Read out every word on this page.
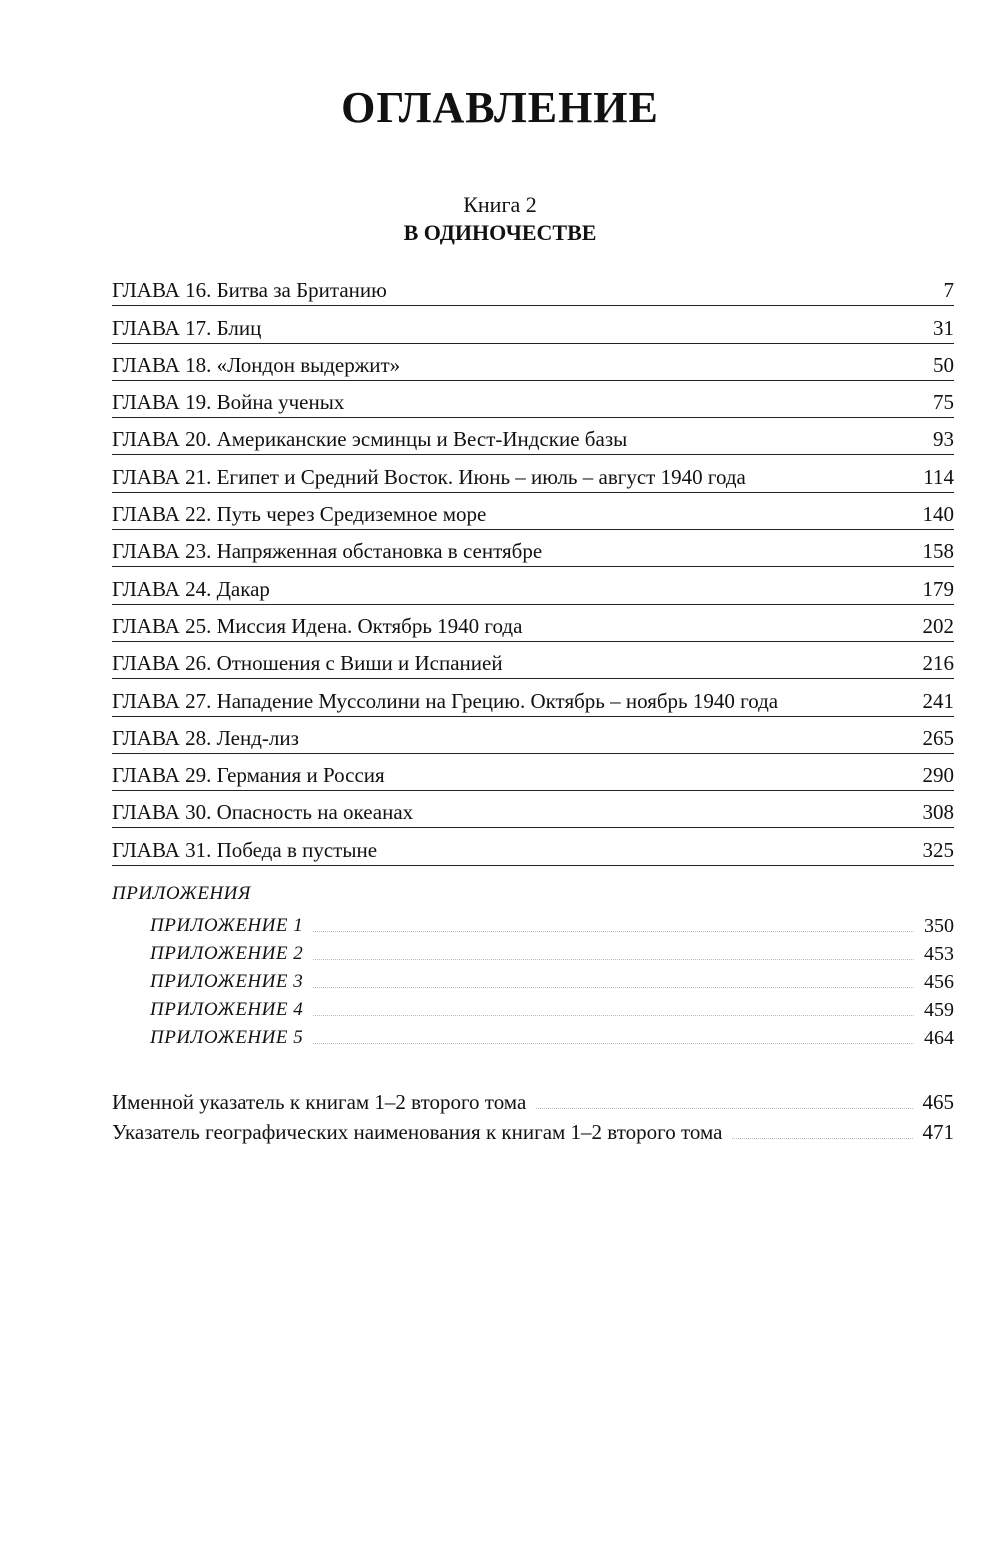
ОГЛАВЛЕНИЕ
Книга 2
В ОДИНОЧЕСТВЕ
ГЛАВА 16. Битва за Британию	7
ГЛАВА 17. Блиц	31
ГЛАВА 18. «Лондон выдержит»	50
ГЛАВА 19. Война ученых	75
ГЛАВА 20. Американские эсминцы и Вест-Индские базы	93
ГЛАВА 21. Египет и Средний Восток. Июнь – июль – август 1940 года	114
ГЛАВА 22. Путь через Средиземное море	140
ГЛАВА 23. Напряженная обстановка в сентябре	158
ГЛАВА 24. Дакар	179
ГЛАВА 25. Миссия Идена. Октябрь 1940 года	202
ГЛАВА 26. Отношения с Виши и Испанией	216
ГЛАВА 27. Нападение Муссолини на Грецию. Октябрь – ноябрь 1940 года	241
ГЛАВА 28. Ленд-лиз	265
ГЛАВА 29. Германия и Россия	290
ГЛАВА 30. Опасность на океанах	308
ГЛАВА 31. Победа в пустыне	325
ПРИЛОЖЕНИЯ
ПРИЛОЖЕНИЕ 1	350
ПРИЛОЖЕНИЕ 2	453
ПРИЛОЖЕНИЕ 3	456
ПРИЛОЖЕНИЕ 4	459
ПРИЛОЖЕНИЕ 5	464
Именной указатель к книгам 1–2 второго тома	465
Указатель географических наименования к книгам 1–2 второго тома	471
